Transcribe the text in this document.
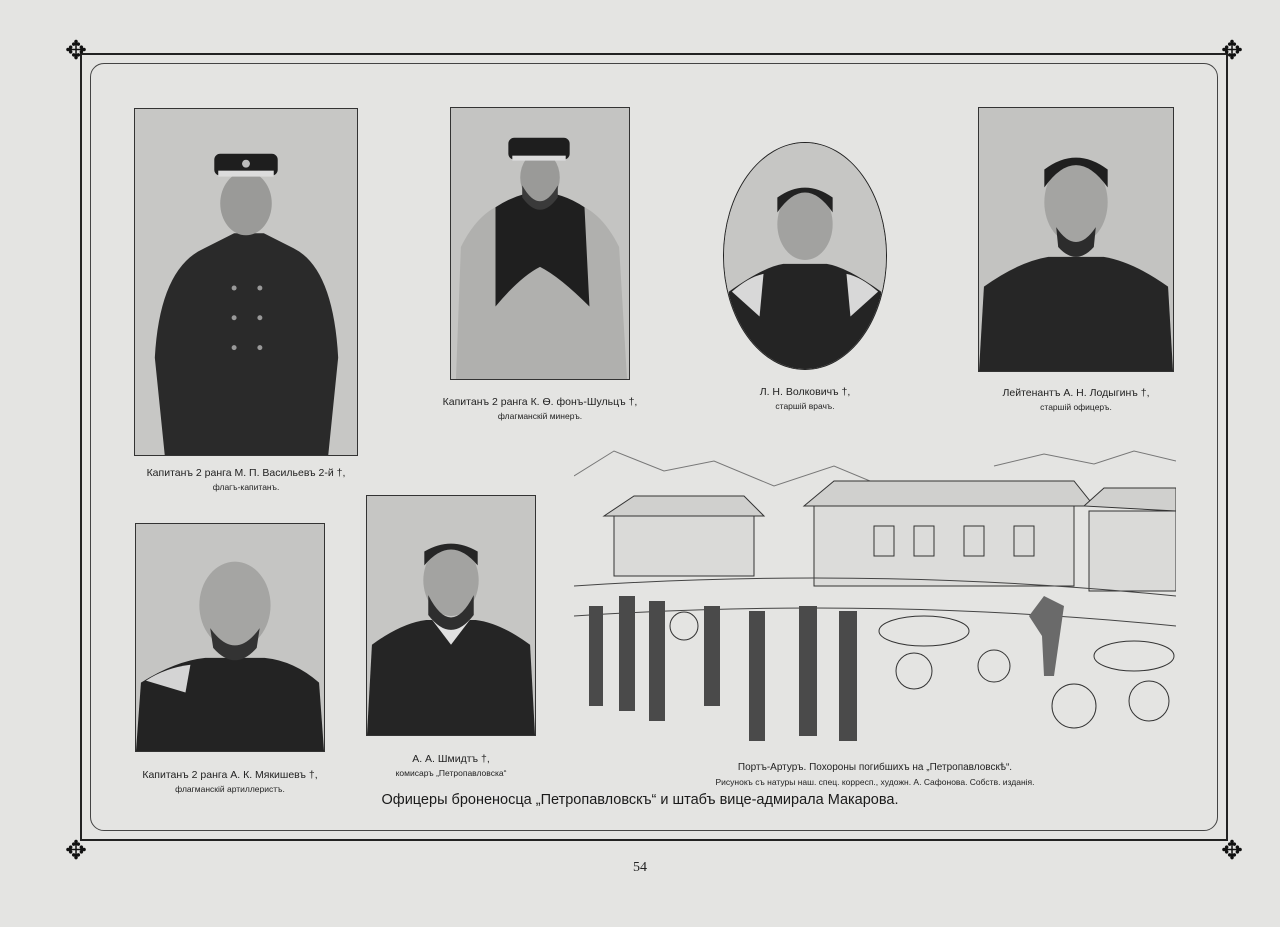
✥	✥
✥	✥
Капитанъ 2 ранга М. П. Васильевъ 2-й †,
флагъ-капитанъ.
Капитанъ 2 ранга К. Ѳ. фонъ-Шульцъ †,
флагманскій минеръ.
Л. Н. Волковичъ †,
старшій врачъ.
Лейтенантъ А. Н. Лодыгинъ †,
старшій офицеръ.
Капитанъ 2 ранга А. К. Мякишевъ †,
флагманскій артиллеристъ.
А. А. Шмидтъ †,
комисаръ „Петропавловска“	Портъ-Артуръ. Похороны погибшихъ на „Петропавловскѣ“.
Рисунокъ съ натуры наш. спец. корресп., художн. А. Сафонова. Собств. изданія.
Офицеры броненосца „Петропавловскъ“ и штабъ вице-адмирала Макарова.
54
